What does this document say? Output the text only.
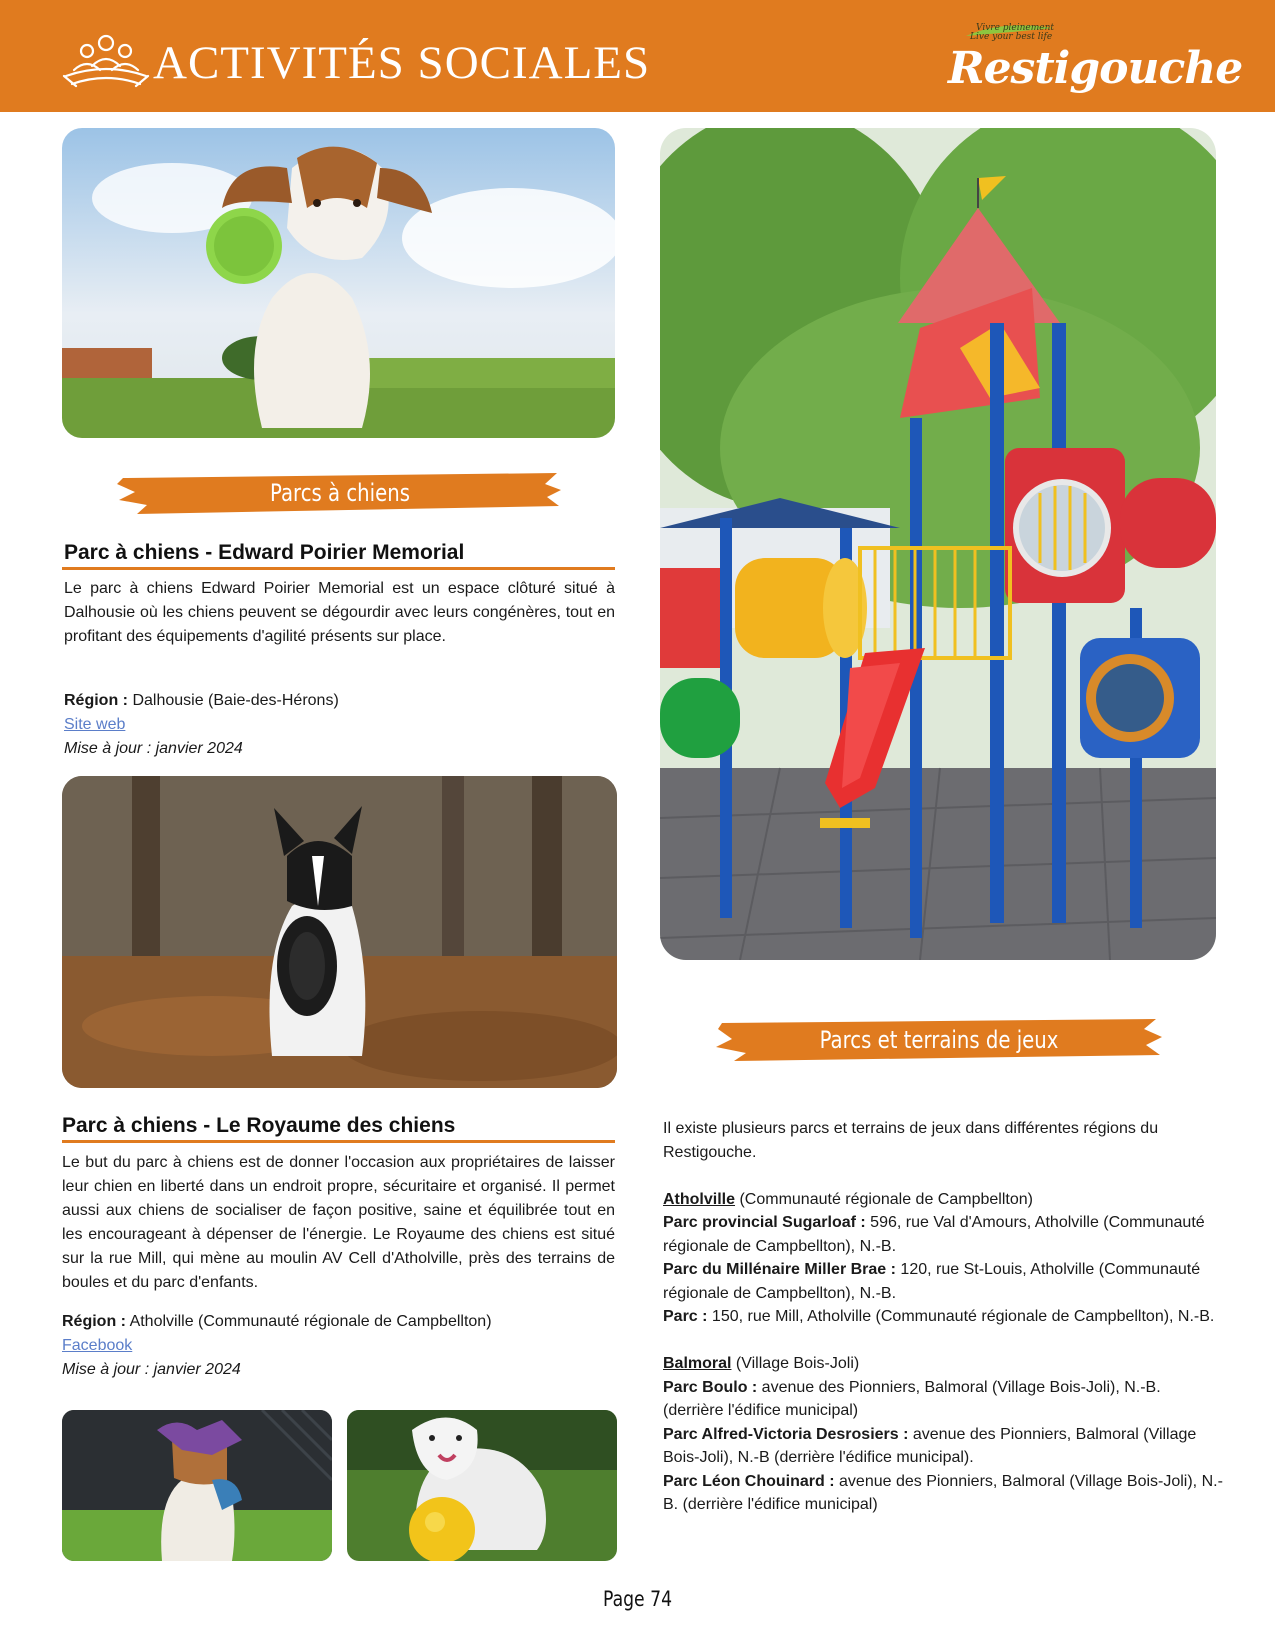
ACTIVITÉS SOCIALES
Vivre pleinement
Live your best life
Restigouche
Parcs à chiens
Parc à chiens - Edward Poirier Memorial
Le parc à chiens Edward Poirier Memorial est un espace clôturé situé à Dalhousie où les chiens peuvent se dégourdir avec leurs congénères, tout en profitant des équipements d'agilité présents sur place.
Région : Dalhousie (Baie-des-Hérons)
Site web
Mise à jour : janvier 2024
Parc à chiens - Le Royaume des chiens
Le but du parc à chiens est de donner l'occasion aux propriétaires de laisser leur chien en liberté dans un endroit propre, sécuritaire et organisé. Il permet aussi aux chiens de socialiser de façon positive, saine et équilibrée tout en les encourageant à dépenser de l'énergie. Le Royaume des chiens est situé sur la rue Mill, qui mène au moulin AV Cell d'Atholville, près des terrains de boules et du parc d'enfants.
Région : Atholville (Communauté régionale de Campbellton)
Facebook
Mise à jour : janvier 2024
Parcs et terrains de jeux
Il existe plusieurs parcs et terrains de jeux dans différentes régions du Restigouche.
Atholville (Communauté régionale de Campbellton)
Parc provincial Sugarloaf : 596, rue Val d'Amours, Atholville (Communauté régionale de Campbellton), N.-B.
Parc du Millénaire Miller Brae : 120, rue St-Louis, Atholville (Communauté régionale de Campbellton), N.-B.
Parc : 150, rue Mill, Atholville (Communauté régionale de Campbellton), N.-B.
Balmoral (Village Bois-Joli)
Parc Boulo : avenue des Pionniers, Balmoral (Village Bois-Joli), N.-B. (derrière l'édifice municipal)
Parc Alfred-Victoria Desrosiers : avenue des Pionniers, Balmoral (Village Bois-Joli), N.-B (derrière l'édifice municipal).
Parc Léon Chouinard : avenue des Pionniers, Balmoral (Village Bois-Joli), N.-B. (derrière l'édifice municipal)
Page 74
